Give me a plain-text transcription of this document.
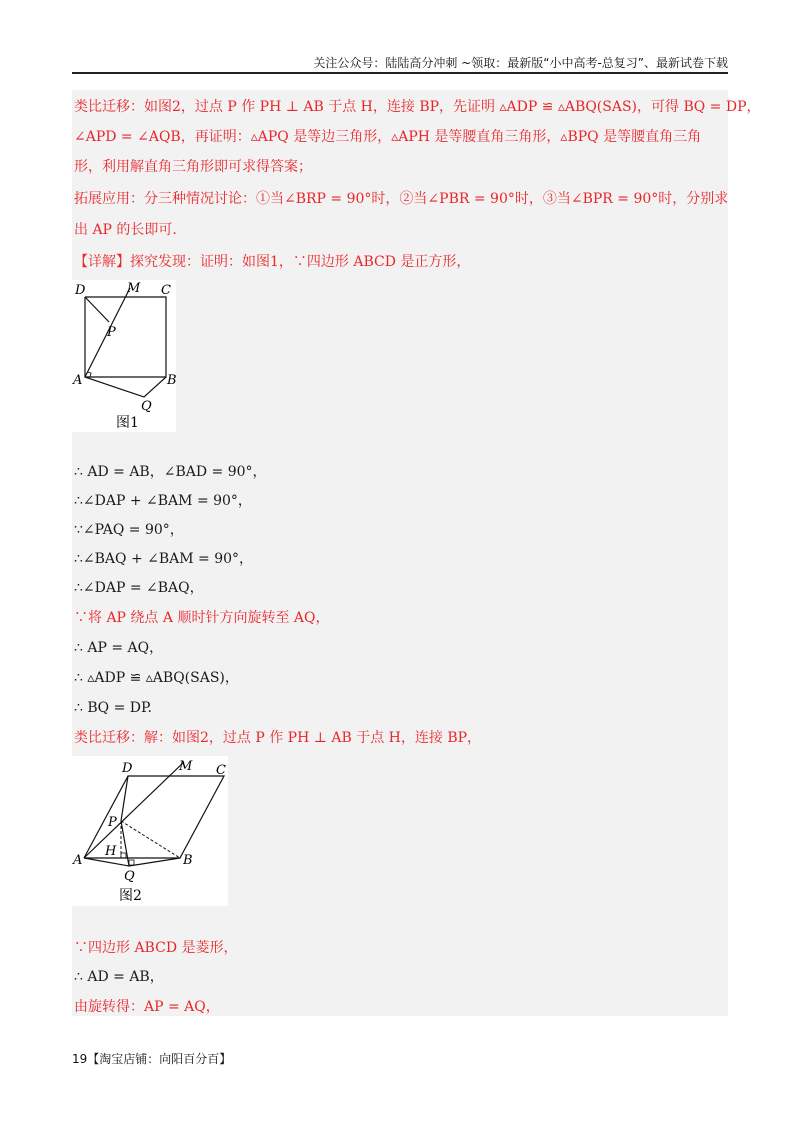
关注公众号：陆陆高分冲刺 ~领取：最新版“小中高考-总复习”、最新试卷下载
类比迁移：如图2，过点 P 作 PH ⊥ AB 于点 H，连接 BP，先证明 ▵ADP ≌ ▵ABQ(SAS)，可得 BQ = DP，
∠APD = ∠AQB，再证明：▵APQ 是等边三角形，▵APH 是等腰直角三角形，▵BPQ 是等腰直角三角
形，利用解直角三角形即可求得答案；
拓展应用：分三种情况讨论：①当∠BRP = 90°时，②当∠PBR = 90°时，③当∠BPR = 90°时，分别求
出 AP 的长即可.
【详解】探究发现：证明：如图1，∵四边形 ABCD 是正方形，
D	M C
P
A	B
Q
图1
∴ AD = AB，∠BAD = 90°，
∴∠DAP + ∠BAM = 90°，
∵∠PAQ = 90°，
∴∠BAQ + ∠BAM = 90°，
∴∠DAP = ∠BAQ，
∵将 AP 绕点 A 顺时针方向旋转至 AQ，
∴ AP = AQ，
∴ ▵ADP ≌ ▵ABQ(SAS)，
∴ BQ = DP.
类比迁移：解：如图2，过点 P 作 PH ⊥ AB 于点 H，连接 BP，
D	M C
P
H
A	B
Q
图2
∵四边形 ABCD 是菱形，
∴ AD = AB，
由旋转得：AP = AQ，
19【淘宝店铺：向阳百分百】
